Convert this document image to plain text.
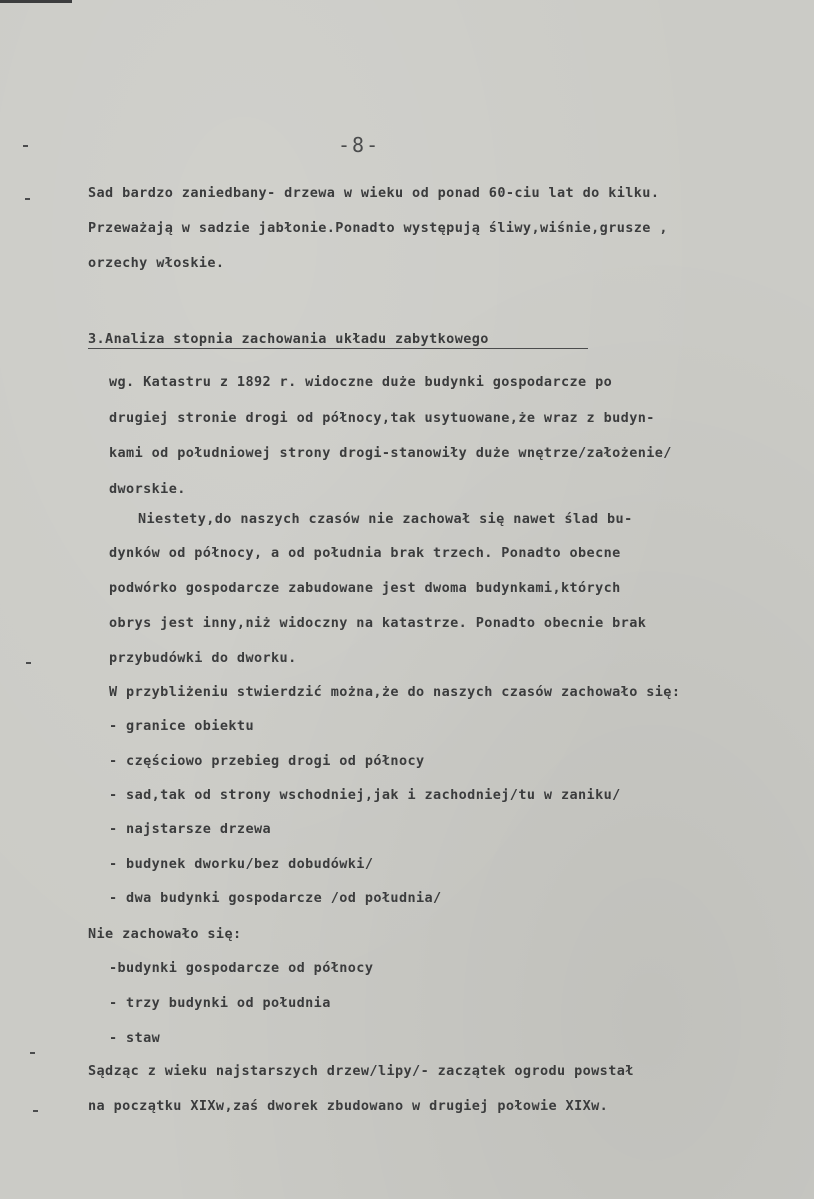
-8-
Sad bardzo zaniedbany- drzewa w wieku od ponad 60-ciu lat do kilku.
Przeważają w sadzie jabłonie.Ponadto występują śliwy,wiśnie,grusze ,
orzechy włoskie.
3.Analiza stopnia zachowania układu zabytkowego
wg. Katastru z 1892 r. widoczne duże budynki gospodarcze po
drugiej stronie drogi od północy,tak usytuowane,że wraz z budyn-
kami od południowej strony drogi-stanowiły duże wnętrze/założenie/
dworskie.
Niestety,do naszych czasów nie zachował się nawet ślad bu-
dynków od północy, a od południa brak trzech. Ponadto obecne
podwórko gospodarcze zabudowane jest dwoma budynkami,których
obrys jest inny,niż widoczny na katastrze. Ponadto obecnie brak
przybudówki do dworku.
W przybliżeniu stwierdzić można,że do naszych czasów zachowało się:
- granice obiektu
- częściowo przebieg drogi od północy
- sad,tak od strony wschodniej,jak i zachodniej/tu w zaniku/
- najstarsze drzewa
- budynek dworku/bez dobudówki/
- dwa budynki gospodarcze /od południa/
Nie zachowało się:
-budynki gospodarcze od północy
- trzy budynki od południa
- staw
Sądząc z wieku najstarszych drzew/lipy/- zaczątek ogrodu powstał
na początku XIXw,zaś dworek zbudowano w drugiej połowie XIXw.
